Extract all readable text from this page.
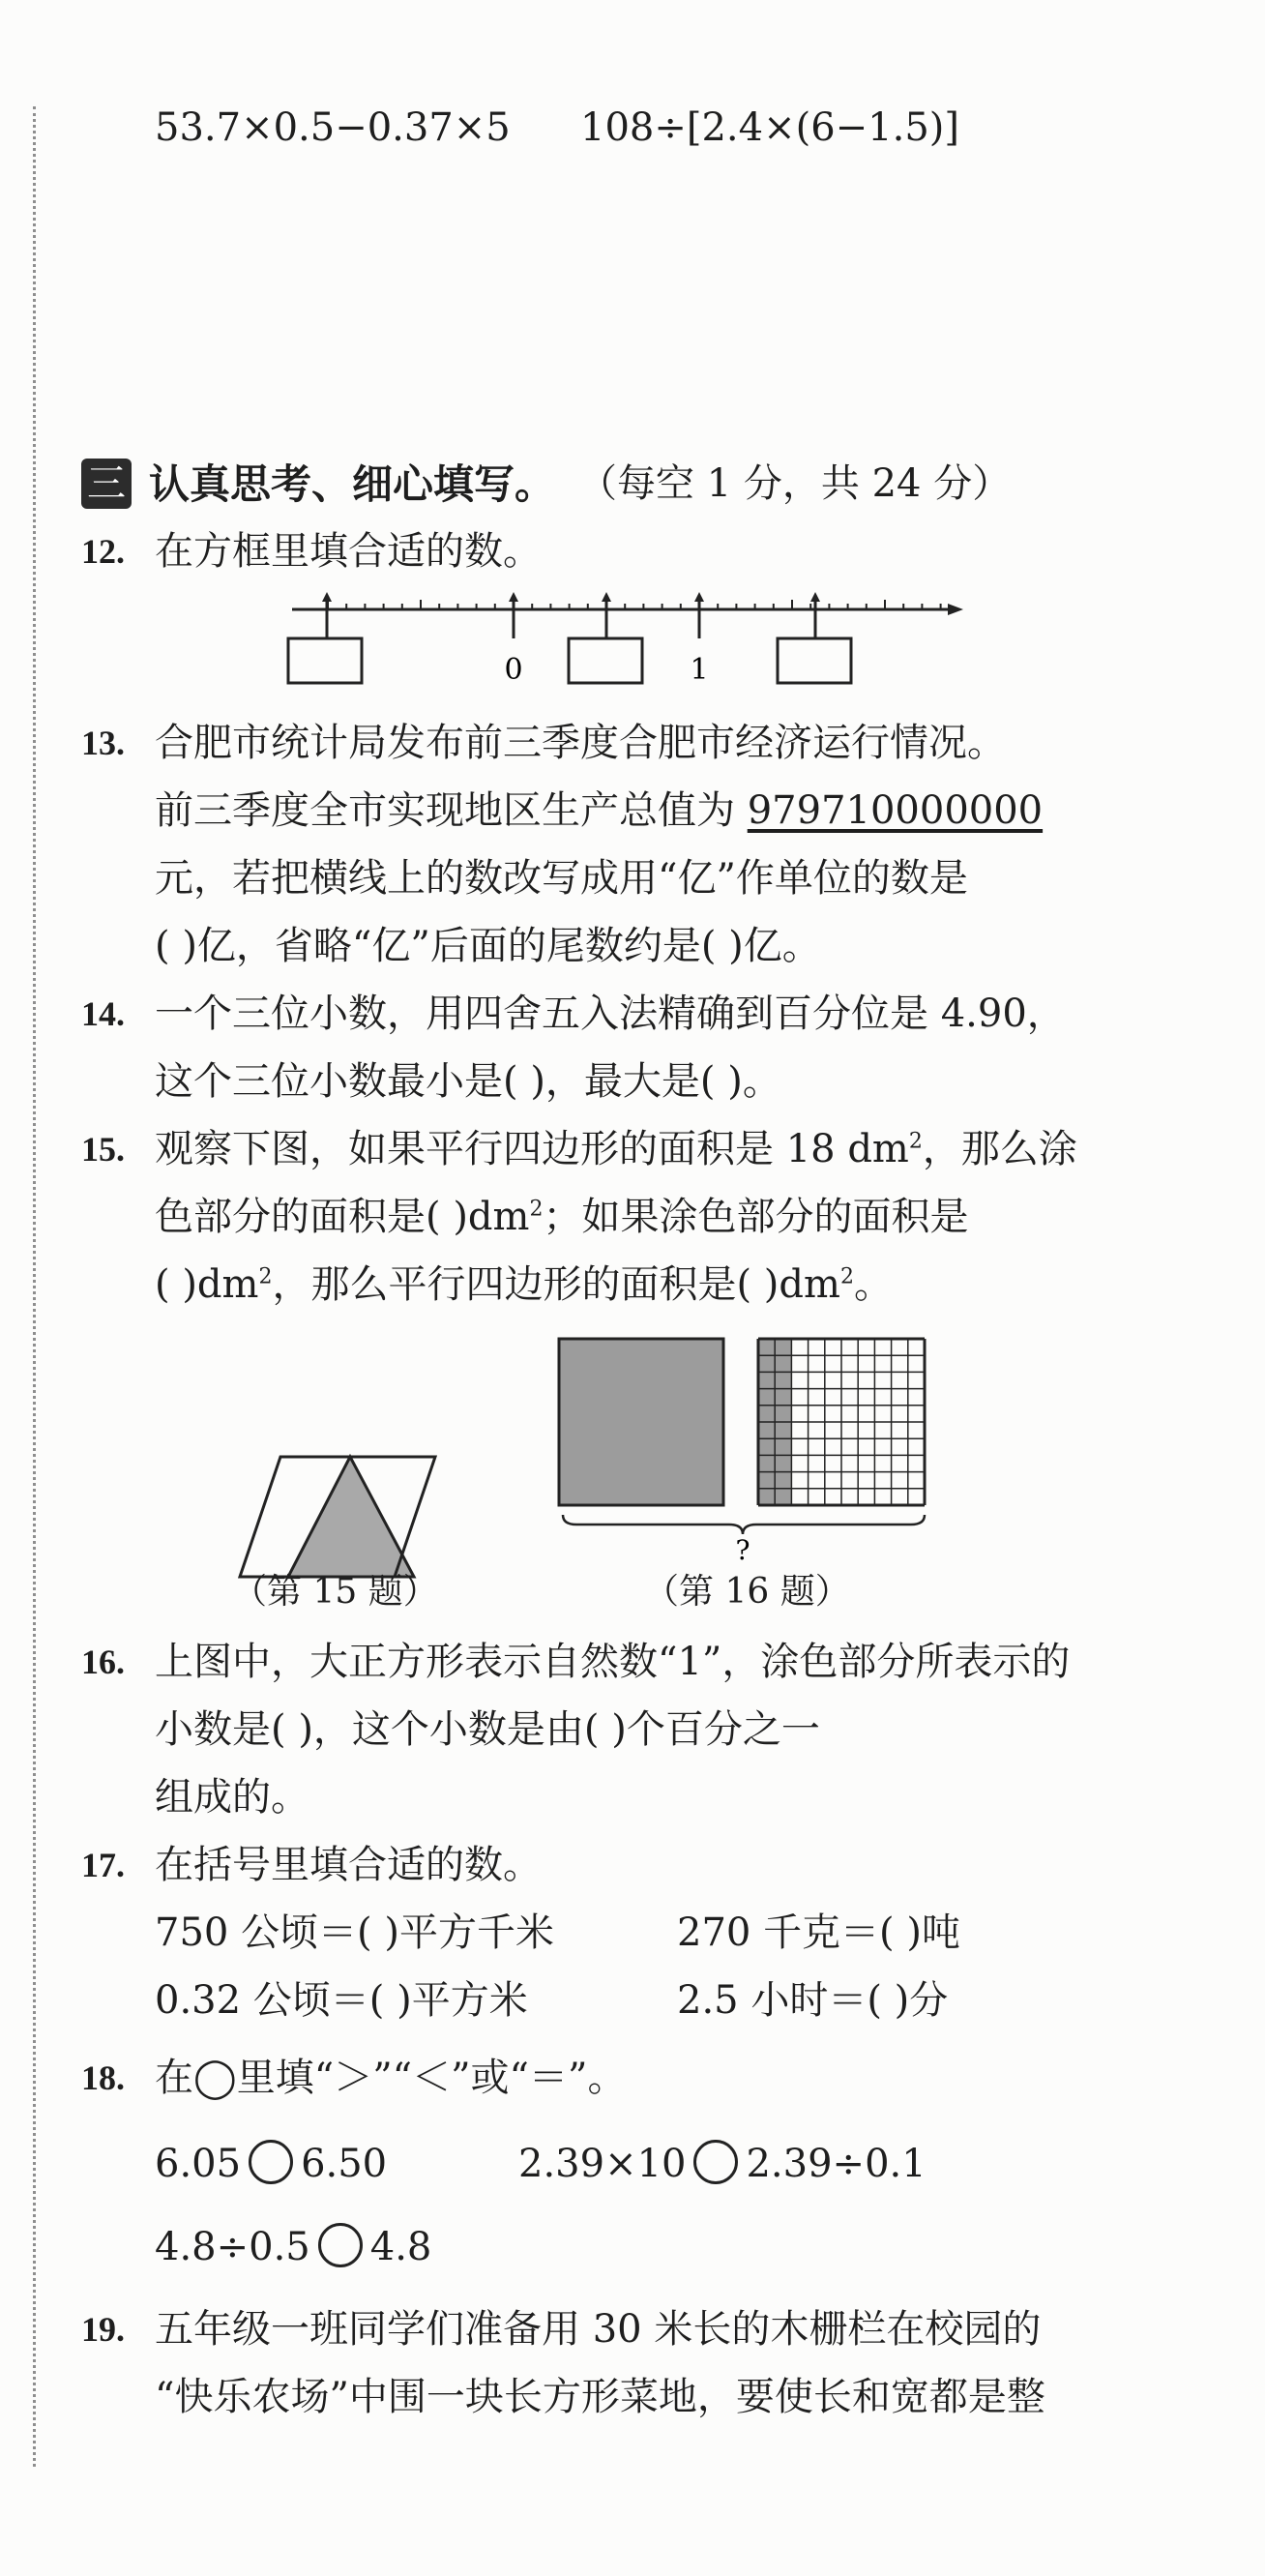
53.7×0.5−0.37×5 108÷[2.4×(6−1.5)]
三 认真思考、细心填写。 （每空 1 分，共 24 分）
12. 在方框里填合适的数。
0	1
13. 合肥市统计局发布前三季度合肥市经济运行情况。
前三季度全市实现地区生产总值为 979710000000
元，若把横线上的数改写成用“亿”作单位的数是
( )亿，省略“亿”后面的尾数约是( )亿。
14. 一个三位小数，用四舍五入法精确到百分位是 4.90，
这个三位小数最小是( )，最大是( )。
15. 观察下图，如果平行四边形的面积是 18 $dm^2$，那么涂
色部分的面积是( )$dm^2$；如果涂色部分的面积是
( )$dm^2$，那么平行四边形的面积是( )$dm^2$。
（第 15 题）
?
（第 16 题）
16. 上图中，大正方形表示自然数“1”，涂色部分所表示的
小数是( )，这个小数是由( )个百分之一
组成的。
17. 在括号里填合适的数。
750 公顷＝( )平方千米	270 千克＝( )吨
0.32 公顷＝( )平方米	2.5 小时＝( )分
18. 在◯里填“＞”“＜”或“＝”。
6.05 6.50	2.39×10 2.39÷0.1
4.8÷0.5 4.8
19. 五年级一班同学们准备用 30 米长的木栅栏在校园的
“快乐农场”中围一块长方形菜地，要使长和宽都是整
